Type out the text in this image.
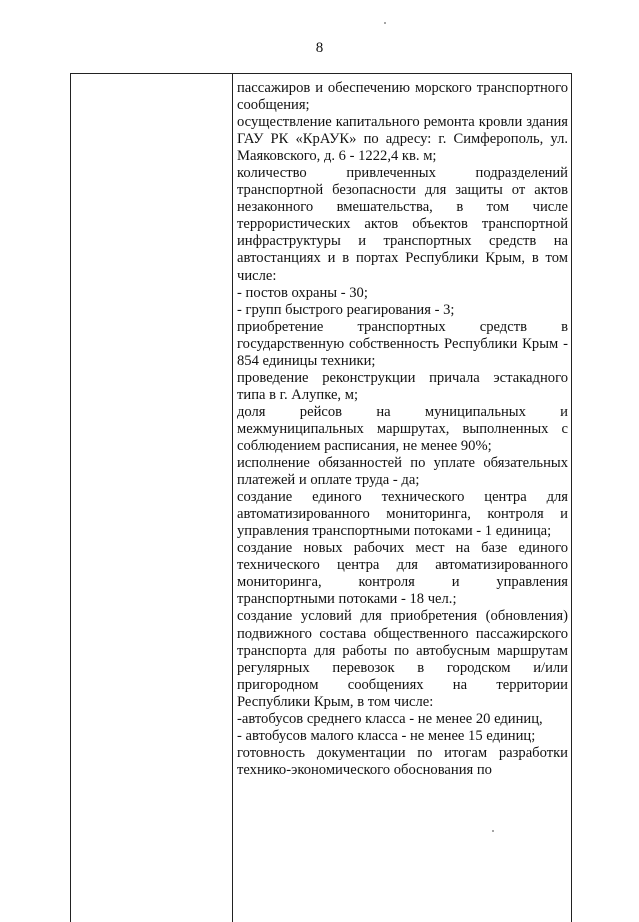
8

пассажиров и обеспечению морского транспортного сообщения;

осуществление капитального ремонта кровли здания ГАУ РК «КрАУК» по адресу: г. Симферополь, ул. Маяковского, д. 6 - 1222,4 кв. м;

количество привлеченных подразделений транспортной безопасности для защиты от актов незаконного вмешательства, в том числе террористических актов объектов транспортной инфраструктуры и транспортных средств на автостанциях и в портах Республики Крым, в том числе:

- постов охраны - 30;

- групп быстрого реагирования - 3;

приобретение транспортных средств в государственную собственность Республики Крым - 854 единицы техники;

проведение реконструкции причала эстакадного типа в г. Алупке, м;

доля рейсов на муниципальных и межмуниципальных маршрутах, выполненных с соблюдением расписания, не менее 90%;

исполнение обязанностей по уплате обязательных платежей и оплате труда - да;

создание единого технического центра для автоматизированного мониторинга, контроля и управления транспортными потоками - 1 единица;

создание новых рабочих мест на базе единого технического центра для автоматизированного мониторинга, контроля и управления транспортными потоками - 18 чел.;

создание условий для приобретения (обновления) подвижного состава общественного пассажирского транспорта для работы по автобусным маршрутам регулярных перевозок в городском и/или пригородном сообщениях на территории Республики Крым, в том числе:

-автобусов среднего класса - не менее 20 единиц,

- автобусов малого класса - не менее 15 единиц;

готовность документации по итогам разработки технико-экономического обоснования по
